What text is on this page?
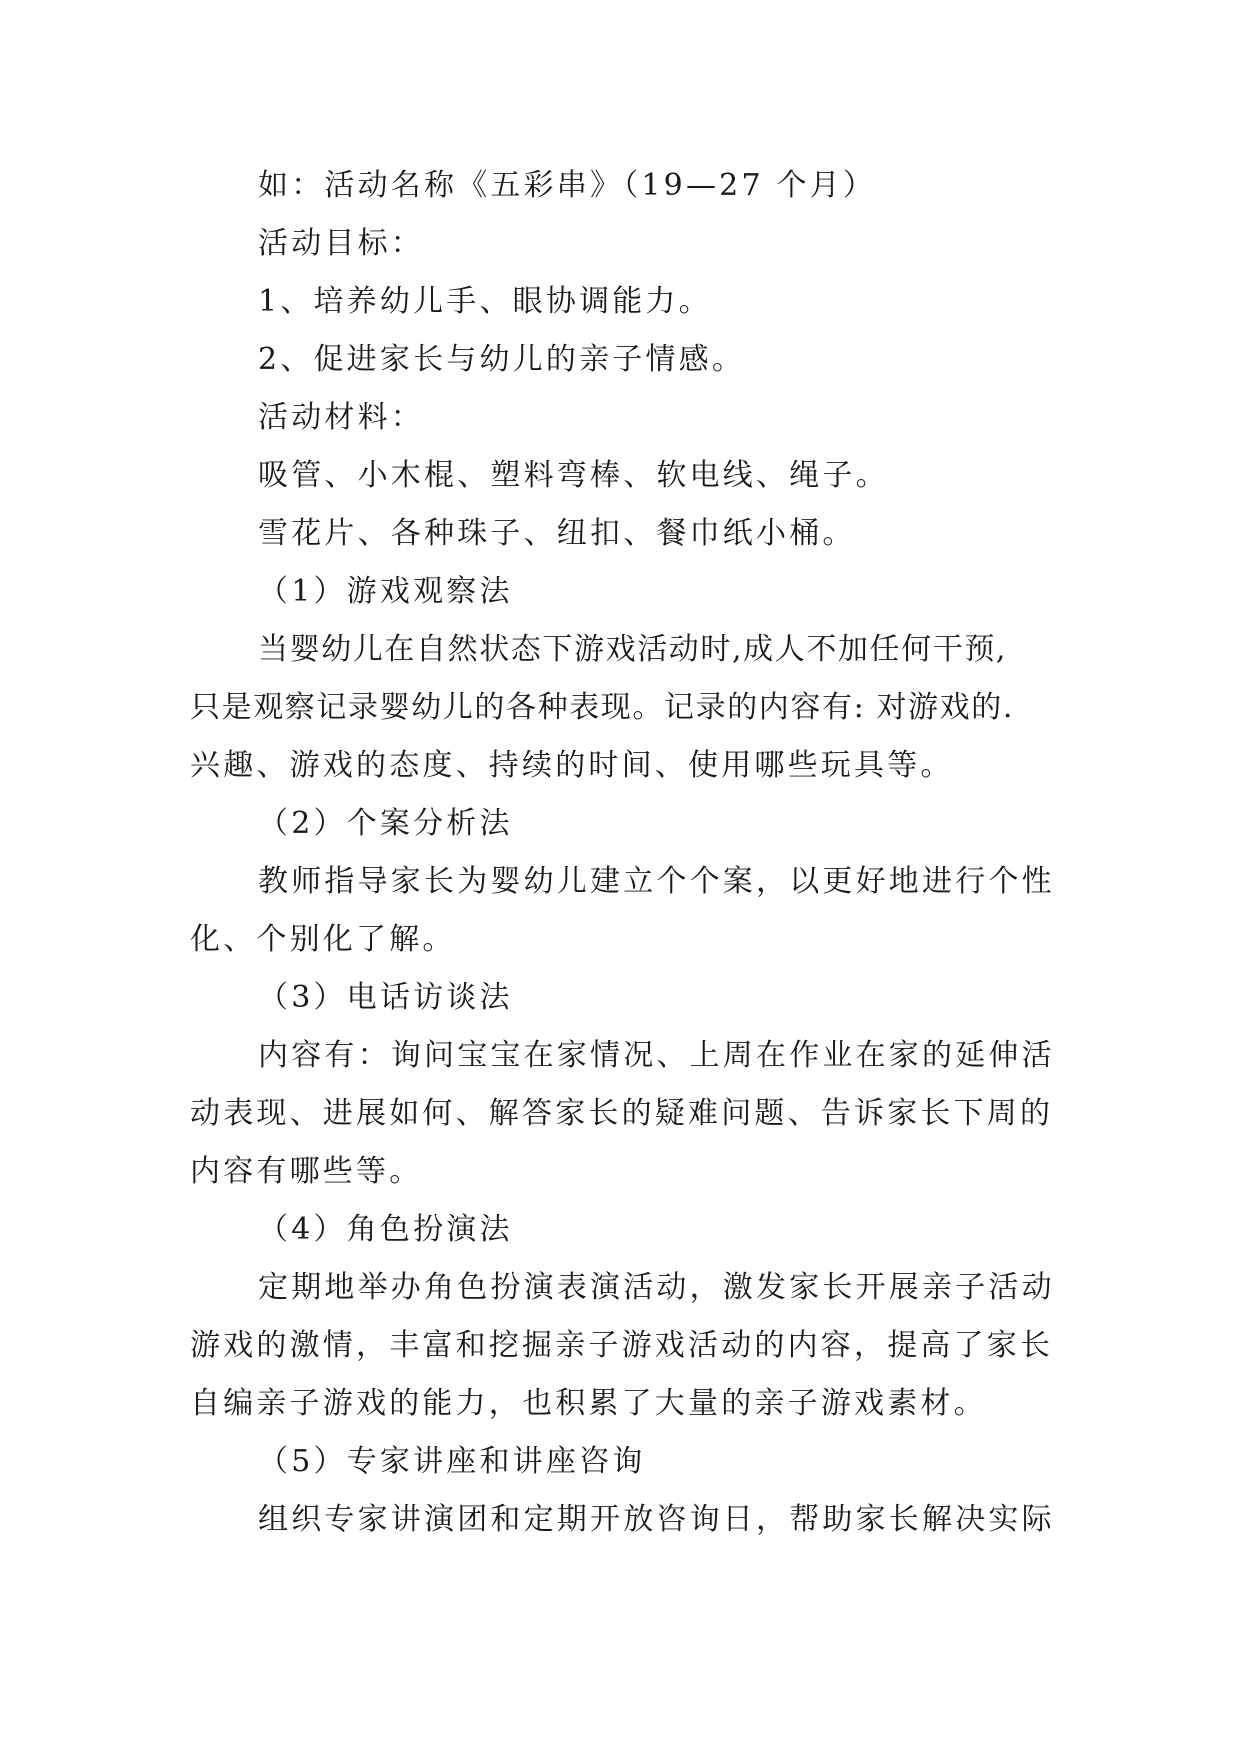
如：活动名称《五彩串》（19—27 个月）
活动目标：
1、培养幼儿手、眼协调能力。
2、促进家长与幼儿的亲子情感。
活动材料：
吸管、小木棍、塑料弯棒、软电线、绳子。
雪花片、各种珠子、纽扣、餐巾纸小桶。
（1）游戏观察法
当婴幼儿在自然状态下游戏活动时,成人不加任何干预,
只是观察记录婴幼儿的各种表现。记录的内容有: 对游戏的.
兴趣、游戏的态度、持续的时间、使用哪些玩具等。
（2）个案分析法
教师指导家长为婴幼儿建立个个案，以更好地进行个性
化、个别化了解。
（3）电话访谈法
内容有：询问宝宝在家情况、上周在作业在家的延伸活
动表现、进展如何、解答家长的疑难问题、告诉家长下周的
内容有哪些等。
（4）角色扮演法
定期地举办角色扮演表演活动，激发家长开展亲子活动
游戏的激情，丰富和挖掘亲子游戏活动的内容，提高了家长
自编亲子游戏的能力，也积累了大量的亲子游戏素材。
（5）专家讲座和讲座咨询
组织专家讲演团和定期开放咨询日，帮助家长解决实际
